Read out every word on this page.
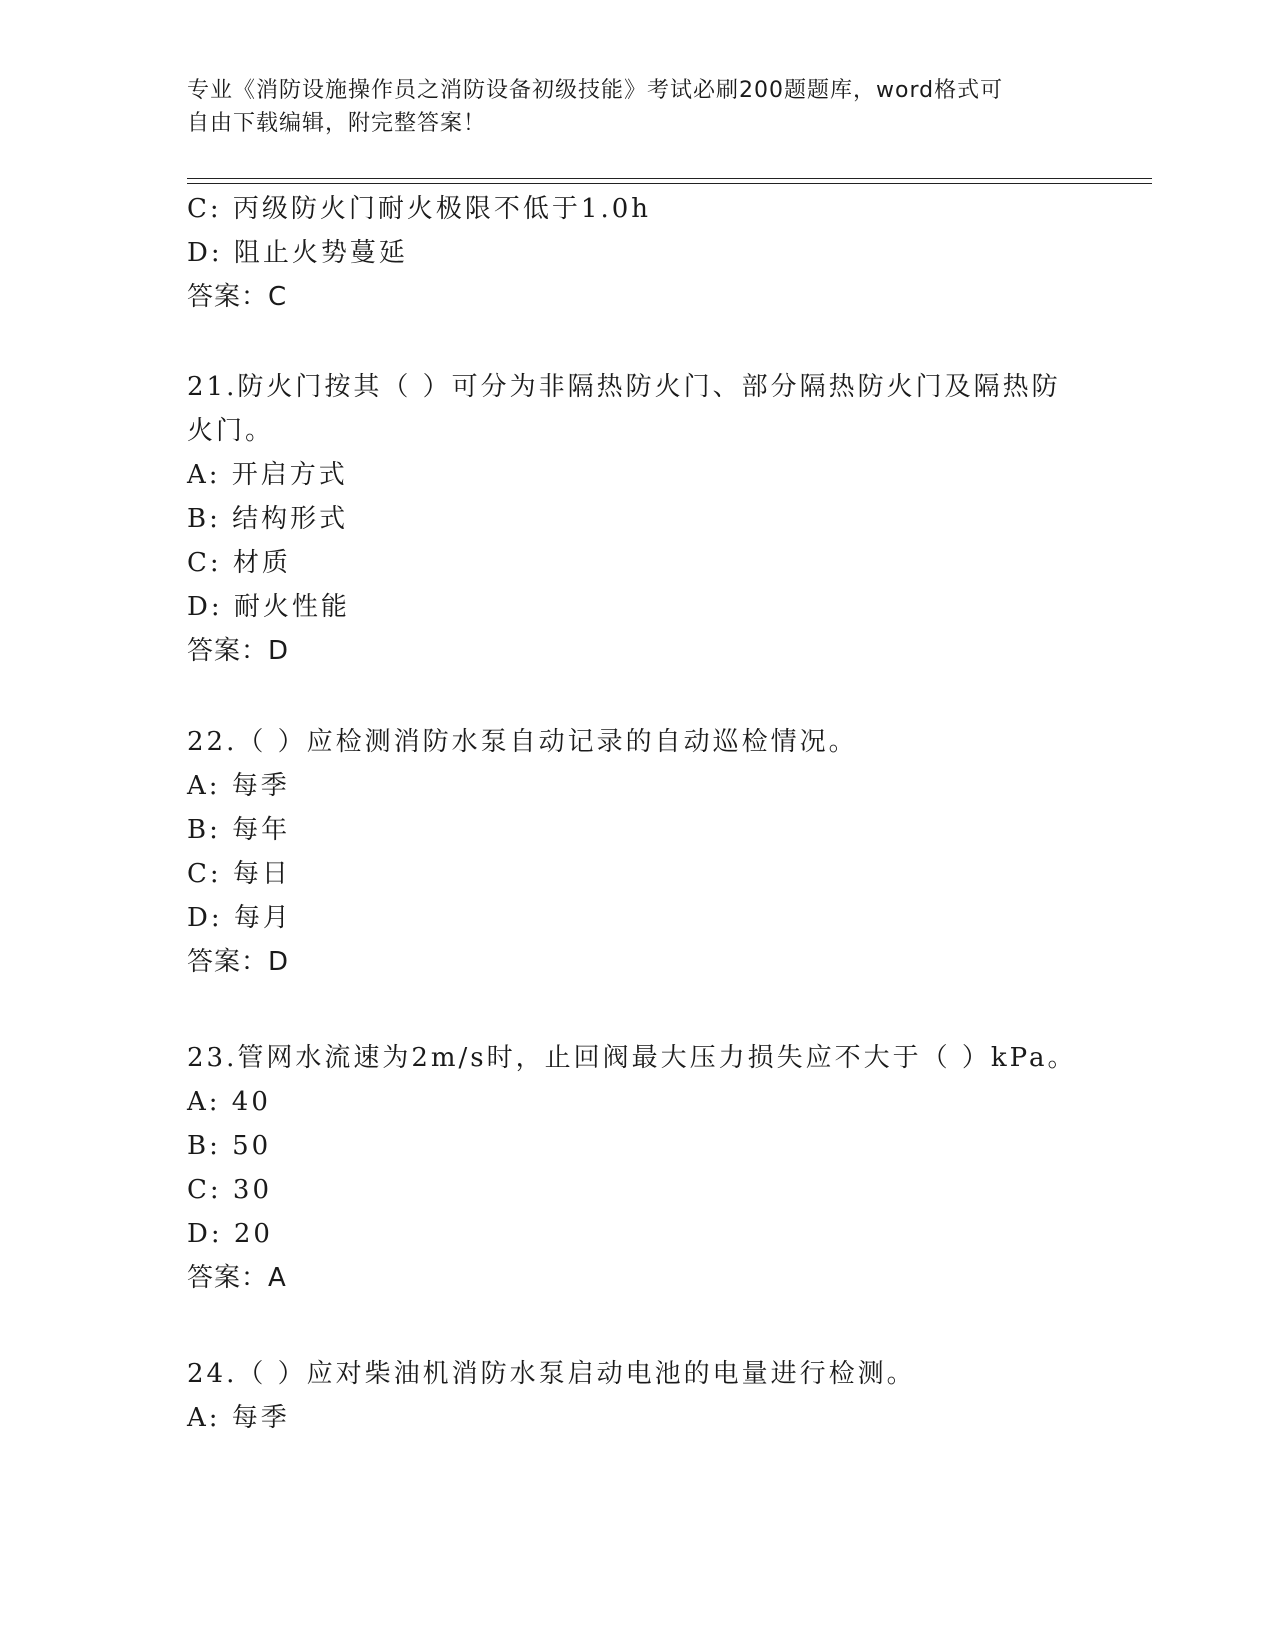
专业《消防设施操作员之消防设备初级技能》考试必刷200题题库，word格式可
自由下载编辑，附完整答案！
C: 丙级防火门耐火极限不低于1.0h
D: 阻止火势蔓延
答案：C
21.防火门按其（ ）可分为非隔热防火门、部分隔热防火门及隔热防
火门。
A: 开启方式
B: 结构形式
C: 材质
D: 耐火性能
答案：D
22.（ ）应检测消防水泵自动记录的自动巡检情况。
A: 每季
B: 每年
C: 每日
D: 每月
答案：D
23.管网水流速为2m/s时，止回阀最大压力损失应不大于（ ）kPa。
A: 40
B: 50
C: 30
D: 20
答案：A
24.（ ）应对柴油机消防水泵启动电池的电量进行检测。
A: 每季
